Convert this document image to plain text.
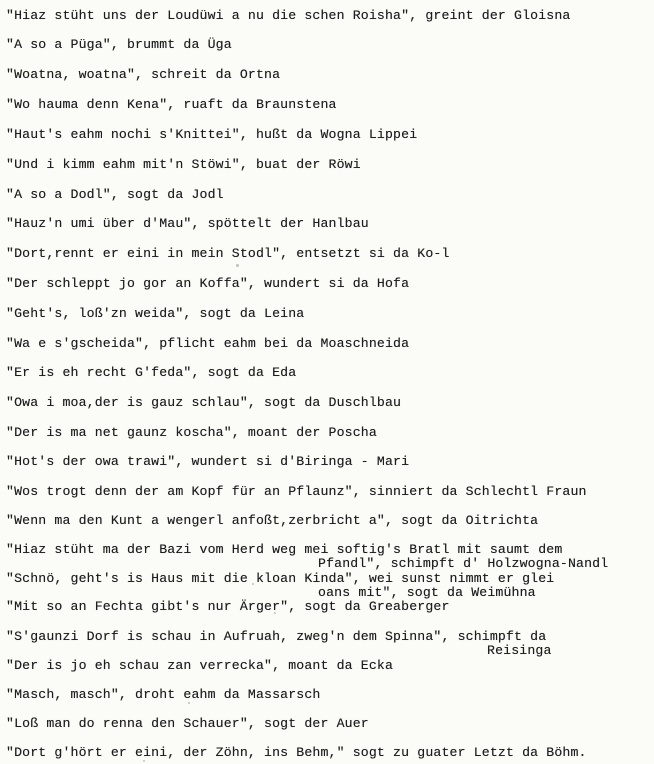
"Hiaz stüht uns der Loudüwi a nu die schen Roisha", greint der Gloisna
"A so a Püga", brummt da Üga
"Woatna, woatna", schreit da Ortna
"Wo hauma denn Kena", ruaft da Braunstena
"Haut's eahm nochi s'Knittei", hußt da Wogna Lippei
"Und i kimm eahm mit'n Stöwi", buat der Röwi
"A so a Dodl", sogt da Jodl
"Hauz'n umi über d'Mau", spöttelt der Hanlbau
"Dort,rennt er eini in mein Stodl", entsetzt si da Ko-l
"Der schleppt jo gor an Koffa", wundert si da Hofa
"Geht's, loß'zn weida", sogt da Leina
"Wa e s'gscheida", pflicht eahm bei da Moaschneida
"Er is eh recht G'feda", sogt da Eda
"Owa i moa,der is gauz schlau", sogt da Duschlbau
"Der is ma net gaunz koscha", moant der Poscha
"Hot's der owa trawi", wundert si d'Biringa - Mari
"Wos trogt denn der am Kopf für an Pflaunz", sinniert da Schlechtl Fraun
"Wenn ma den Kunt a wengerl anfoßt,zerbricht a", sogt da Oitrichta
"Hiaz stüht ma der Bazi vom Herd weg mei softig's Bratl mit saumt dem
Pfandl", schimpft d' Holzwogna-Nandl
"Schnö, geht's is Haus mit die kloan Kinda", wei sunst nimmt er glei
oans mit", sogt da Weimühna
"Mit so an Fechta gibt's nur Ärger", sogt da Greaberger
"S'gaunzi Dorf is schau in Aufruah, zweg'n dem Spinna", schimpft da
Reisinga
"Der is jo eh schau zan verrecka", moant da Ecka
"Masch, masch", droht eahm da Massarsch
"Loß man do renna den Schauer", sogt der Auer
"Dort g'hört er eini, der Zöhn, ins Behm," sogt zu guater Letzt da Böhm.
